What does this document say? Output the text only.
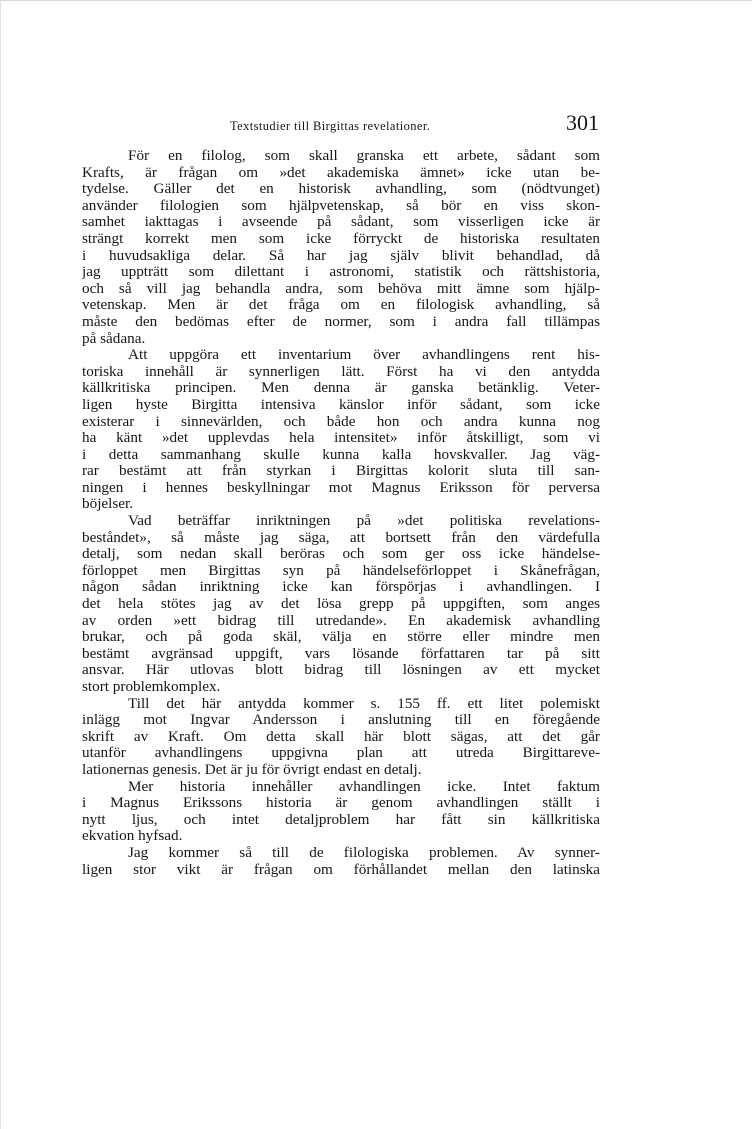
Textstudier till Birgittas revelationer.	301
För en filolog, som skall granska ett arbete, sådant som
Krafts, är frågan om »det akademiska ämnet» icke utan be-
tydelse. Gäller det en historisk avhandling, som (nödtvunget)
använder filologien som hjälpvetenskap, så bör en viss skon-
samhet iakttagas i avseende på sådant, som visserligen icke är
strängt korrekt men som icke förryckt de historiska resultaten
i huvudsakliga delar. Så har jag själv blivit behandlad, då
jag uppträtt som dilettant i astronomi, statistik och rättshistoria,
och så vill jag behandla andra, som behöva mitt ämne som hjälp-
vetenskap. Men är det fråga om en filologisk avhandling, så
måste den bedömas efter de normer, som i andra fall tillämpas
på sådana.
Att uppgöra ett inventarium över avhandlingens rent his-
toriska innehåll är synnerligen lätt. Först ha vi den antydda
källkritiska principen. Men denna är ganska betänklig. Veter-
ligen hyste Birgitta intensiva känslor inför sådant, som icke
existerar i sinnevärlden, och både hon och andra kunna nog
ha känt »det upplevdas hela intensitet» inför åtskilligt, som vi
i detta sammanhang skulle kunna kalla hovskvaller. Jag väg-
rar bestämt att från styrkan i Birgittas kolorit sluta till san-
ningen i hennes beskyllningar mot Magnus Eriksson för perversa
böjelser.
Vad beträffar inriktningen på »det politiska revelations-
beståndet», så måste jag säga, att bortsett från den värdefulla
detalj, som nedan skall beröras och som ger oss icke händelse-
förloppet men Birgittas syn på händelseförloppet i Skånefrågan,
någon sådan inriktning icke kan förspörjas i avhandlingen. I
det hela stötes jag av det lösa grepp på uppgiften, som anges
av orden »ett bidrag till utredande». En akademisk avhandling
brukar, och på goda skäl, välja en större eller mindre men
bestämt avgränsad uppgift, vars lösande författaren tar på sitt
ansvar. Här utlovas blott bidrag till lösningen av ett mycket
stort problemkomplex.
Till det här antydda kommer s. 155 ff. ett litet polemiskt
inlägg mot Ingvar Andersson i anslutning till en föregående
skrift av Kraft. Om detta skall här blott sägas, att det går
utanför avhandlingens uppgivna plan att utreda Birgittareve-
lationernas genesis. Det är ju för övrigt endast en detalj.
Mer historia innehåller avhandlingen icke. Intet faktum
i Magnus Erikssons historia är genom avhandlingen ställt i
nytt ljus, och intet detaljproblem har fått sin källkritiska
ekvation hyfsad.
Jag kommer så till de filologiska problemen. Av synner-
ligen stor vikt är frågan om förhållandet mellan den latinska
